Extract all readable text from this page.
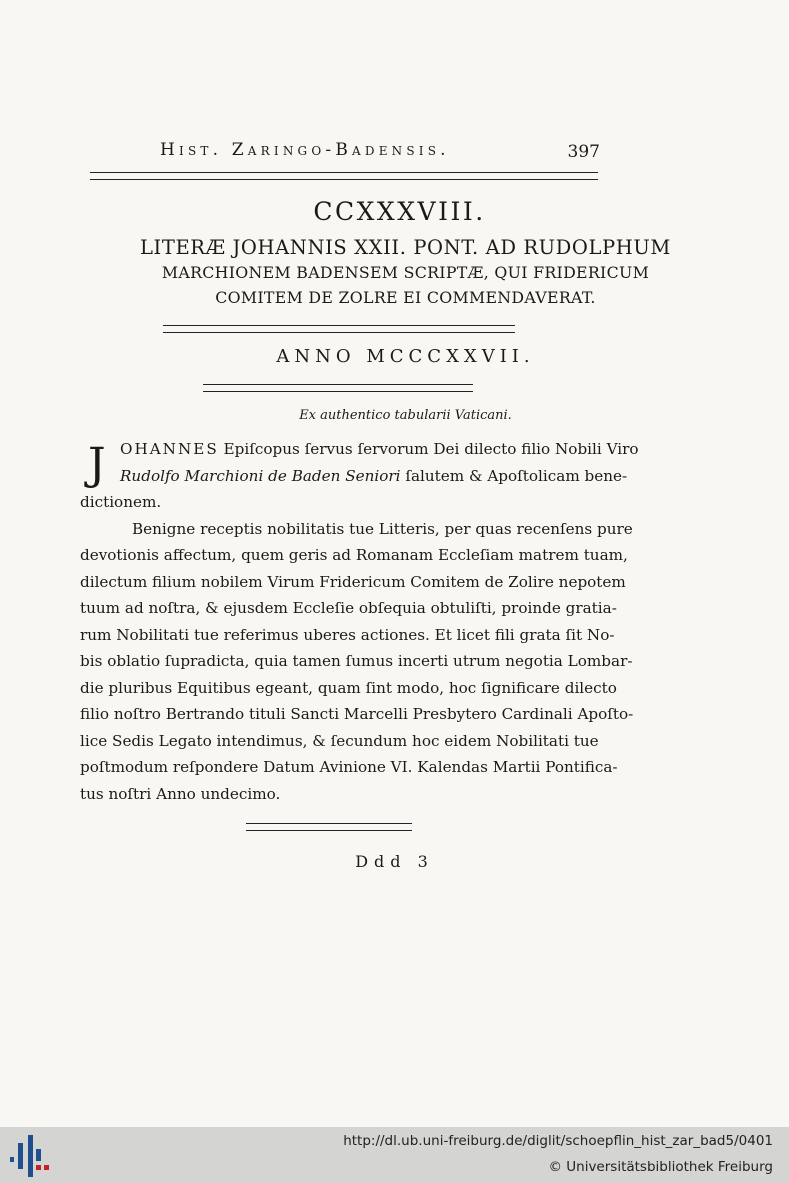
Hist. Zaringo-Badensis.	397
CCXXXVIII.
LITERÆ JOHANNIS XXII. PONT. AD RUDOLPHUM
MARCHIONEM BADENSEM SCRIPTÆ, QUI FRIDERICUM
COMITEM DE ZOLRE EI COMMENDAVERAT.
ANNO MCCCXXVII.
Ex authentico tabularii Vaticani.
J OHANNES Epiſcopus ſervus ſervorum Dei dilecto filio Nobili Viro
Rudolfo Marchioni de Baden Seniori ſalutem & Apoſtolicam bene-
dictionem.
Benigne receptis nobilitatis tue Litteris, per quas recenſens pure
devotionis affectum, quem geris ad Romanam Eccleſiam matrem tuam,
dilectum filium nobilem Virum Fridericum Comitem de Zolire nepotem
tuum ad noſtra, & ejusdem Eccleſie obſequia obtuliſti, proinde gratia-
rum Nobilitati tue referimus uberes actiones. Et licet fili grata ſit No-
bis oblatio ſupradicta, quia tamen ſumus incerti utrum negotia Lombar-
die pluribus Equitibus egeant, quam ſint modo, hoc ſignificare dilecto
filio noſtro Bertrando tituli Sancti Marcelli Presbytero Cardinali Apoſto-
lice Sedis Legato intendimus, & ſecundum hoc eidem Nobilitati tue
poſtmodum reſpondere Datum Avinione VI. Kalendas Martii Pontifica-
tus noſtri Anno undecimo.
Ddd 3
http://dl.ub.uni-freiburg.de/diglit/schoepflin_hist_zar_bad5/0401
© Universitätsbibliothek Freiburg
